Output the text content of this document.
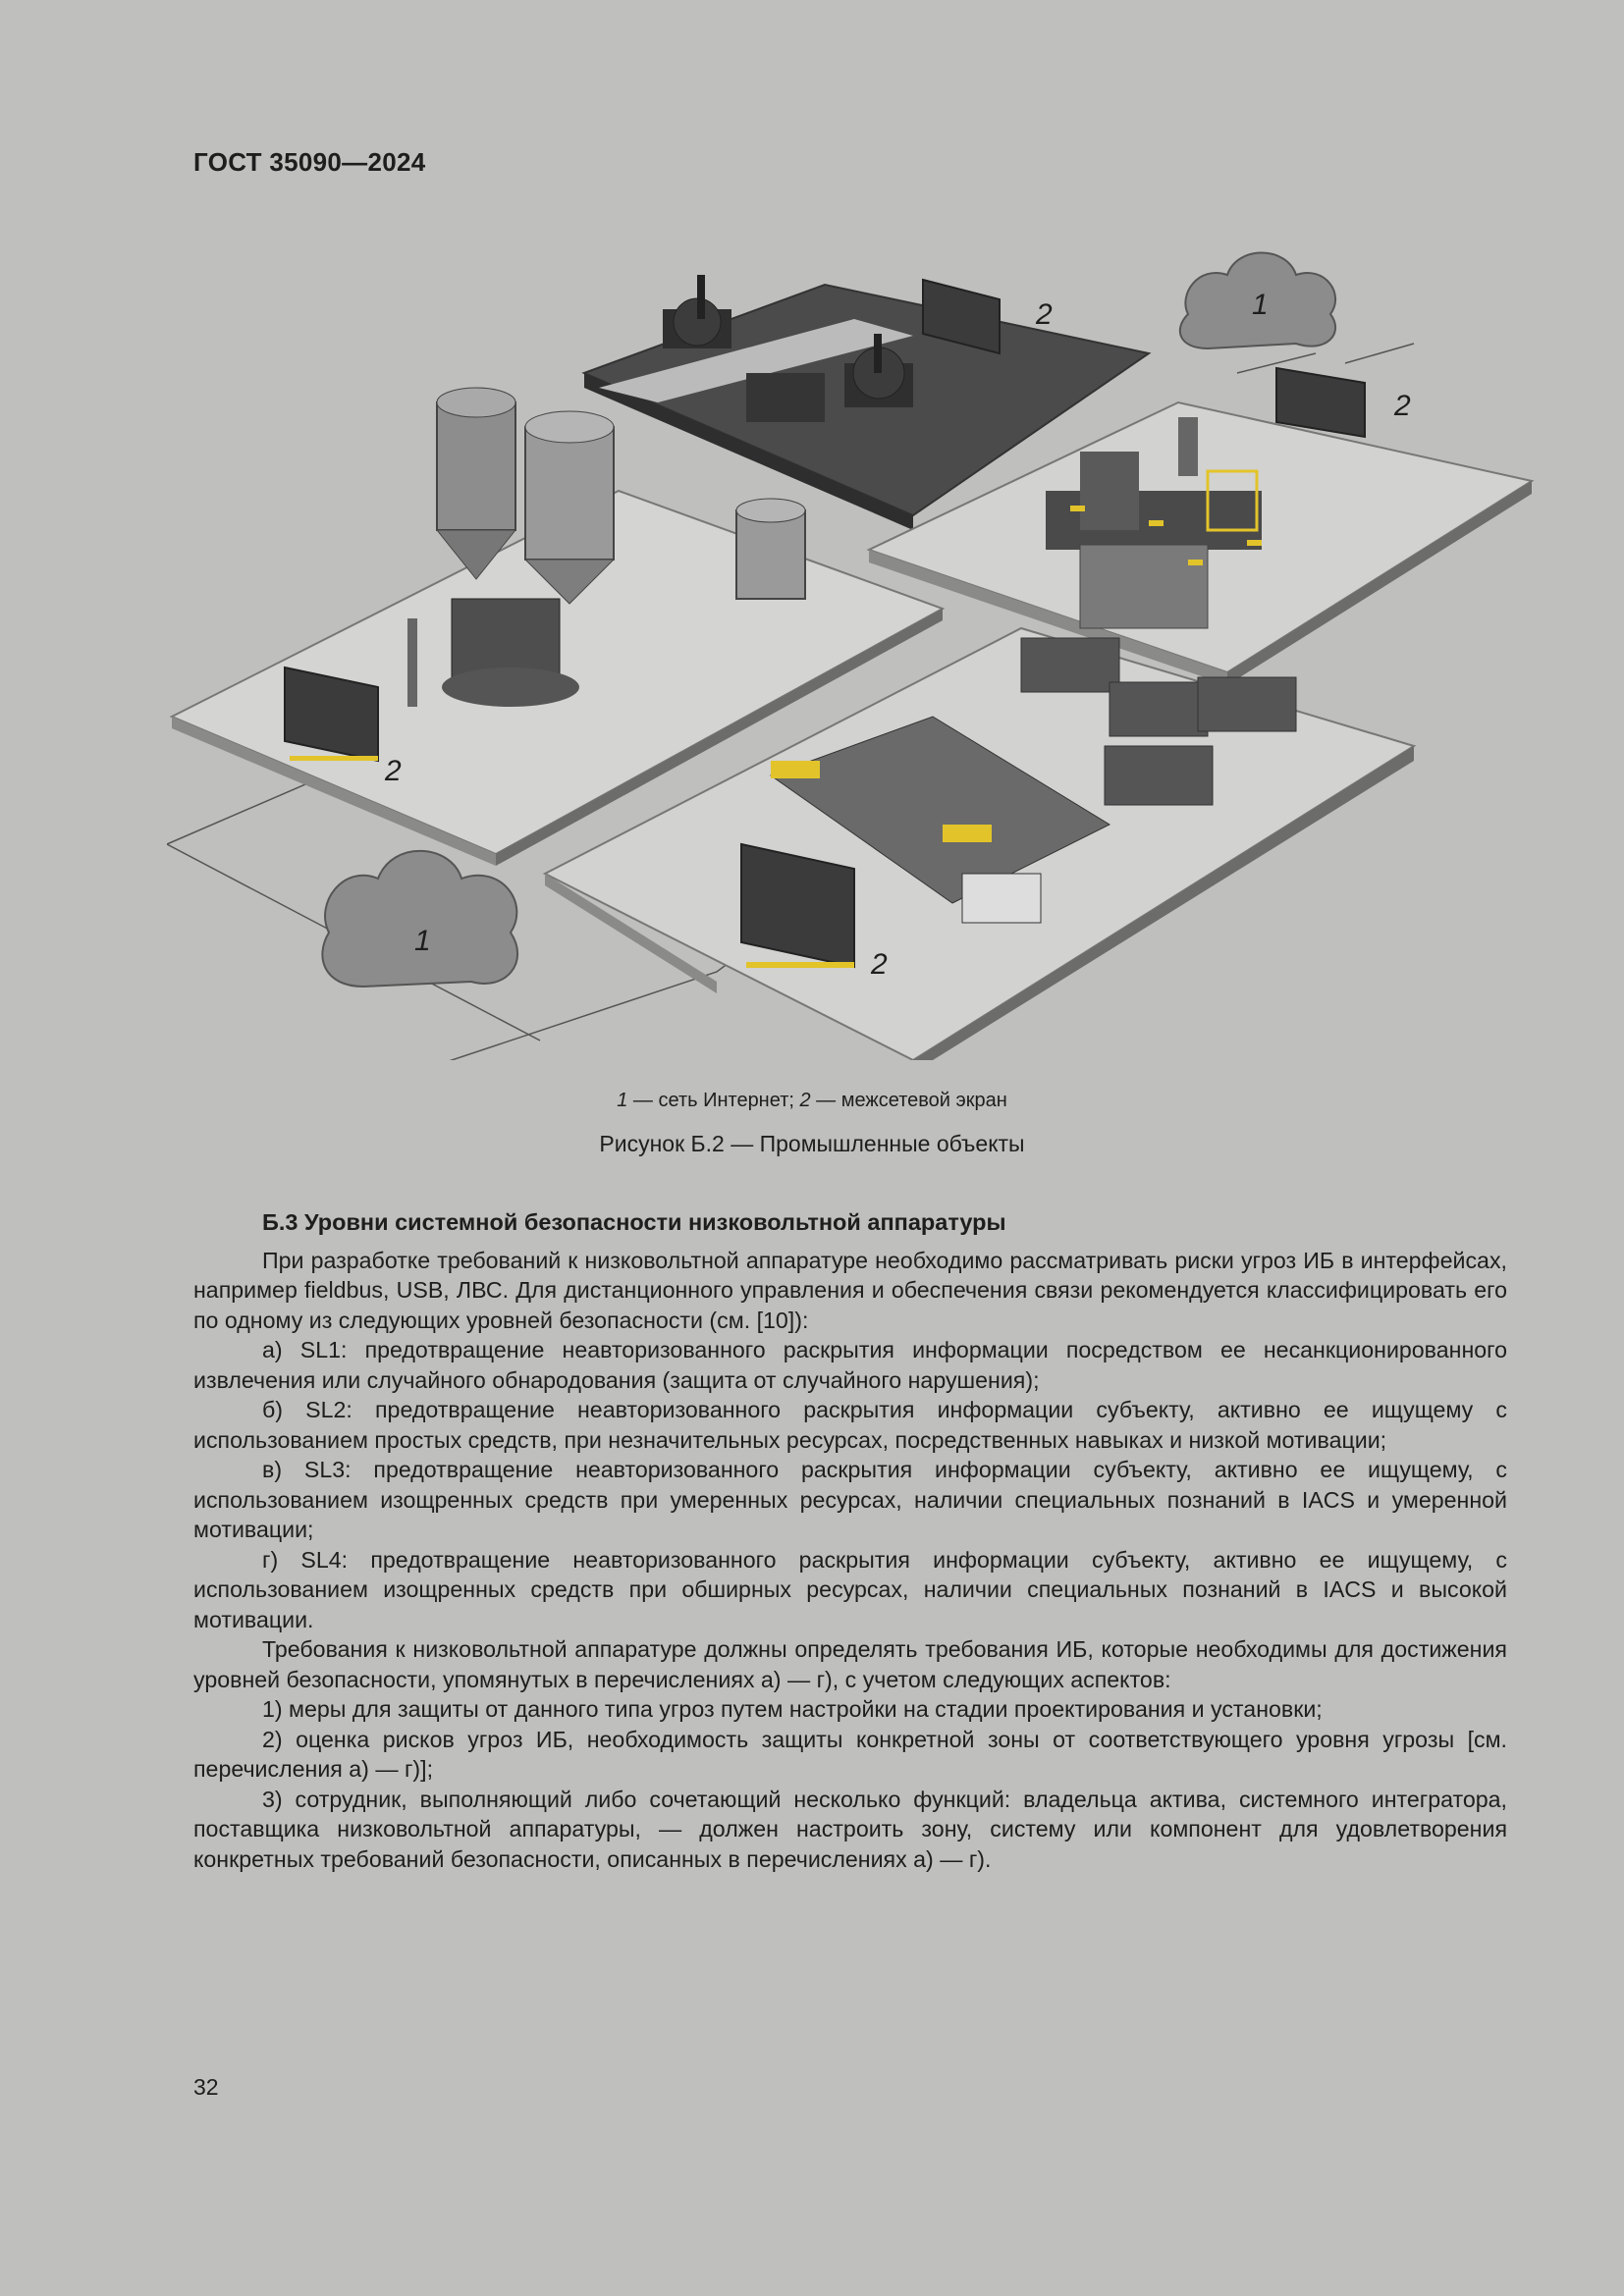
ГОСТ 35090—2024
1
1
2
2
2
2
1 — сеть Интернет; 2 — межсетевой экран
Рисунок Б.2 — Промышленные объекты
Б.3 Уровни системной безопасности низковольтной аппаратуры

При разработке требований к низковольтной аппаратуре необходимо рассматривать риски угроз ИБ в интерфейсах, например fieldbus, USB, ЛВС. Для дистанционного управления и обеспечения связи рекомендуется классифицировать его по одному из следующих уровней безопасности (см. [10]):

а) SL1: предотвращение неавторизованного раскрытия информации посредством ее несанкционированного извлечения или случайного обнародования (защита от случайного нарушения);

б) SL2: предотвращение неавторизованного раскрытия информации субъекту, активно ее ищущему с использованием простых средств, при незначительных ресурсах, посредственных навыках и низкой мотивации;

в) SL3: предотвращение неавторизованного раскрытия информации субъекту, активно ее ищущему, с использованием изощренных средств при умеренных ресурсах, наличии специальных познаний в IACS и умеренной мотивации;

г) SL4: предотвращение неавторизованного раскрытия информации субъекту, активно ее ищущему, с использованием изощренных средств при обширных ресурсах, наличии специальных познаний в IACS и высокой мотивации.

Требования к низковольтной аппаратуре должны определять требования ИБ, которые необходимы для достижения уровней безопасности, упомянутых в перечислениях а) — г), с учетом следующих аспектов:

1) меры для защиты от данного типа угроз путем настройки на стадии проектирования и установки;

2) оценка рисков угроз ИБ, необходимость защиты конкретной зоны от соответствующего уровня угрозы [см. перечисления а) — г)];

3) сотрудник, выполняющий либо сочетающий несколько функций: владельца актива, системного интегратора, поставщика низковольтной аппаратуры, — должен настроить зону, систему или компонент для удовлетворения конкретных требований безопасности, описанных в перечислениях а) — г).

32
